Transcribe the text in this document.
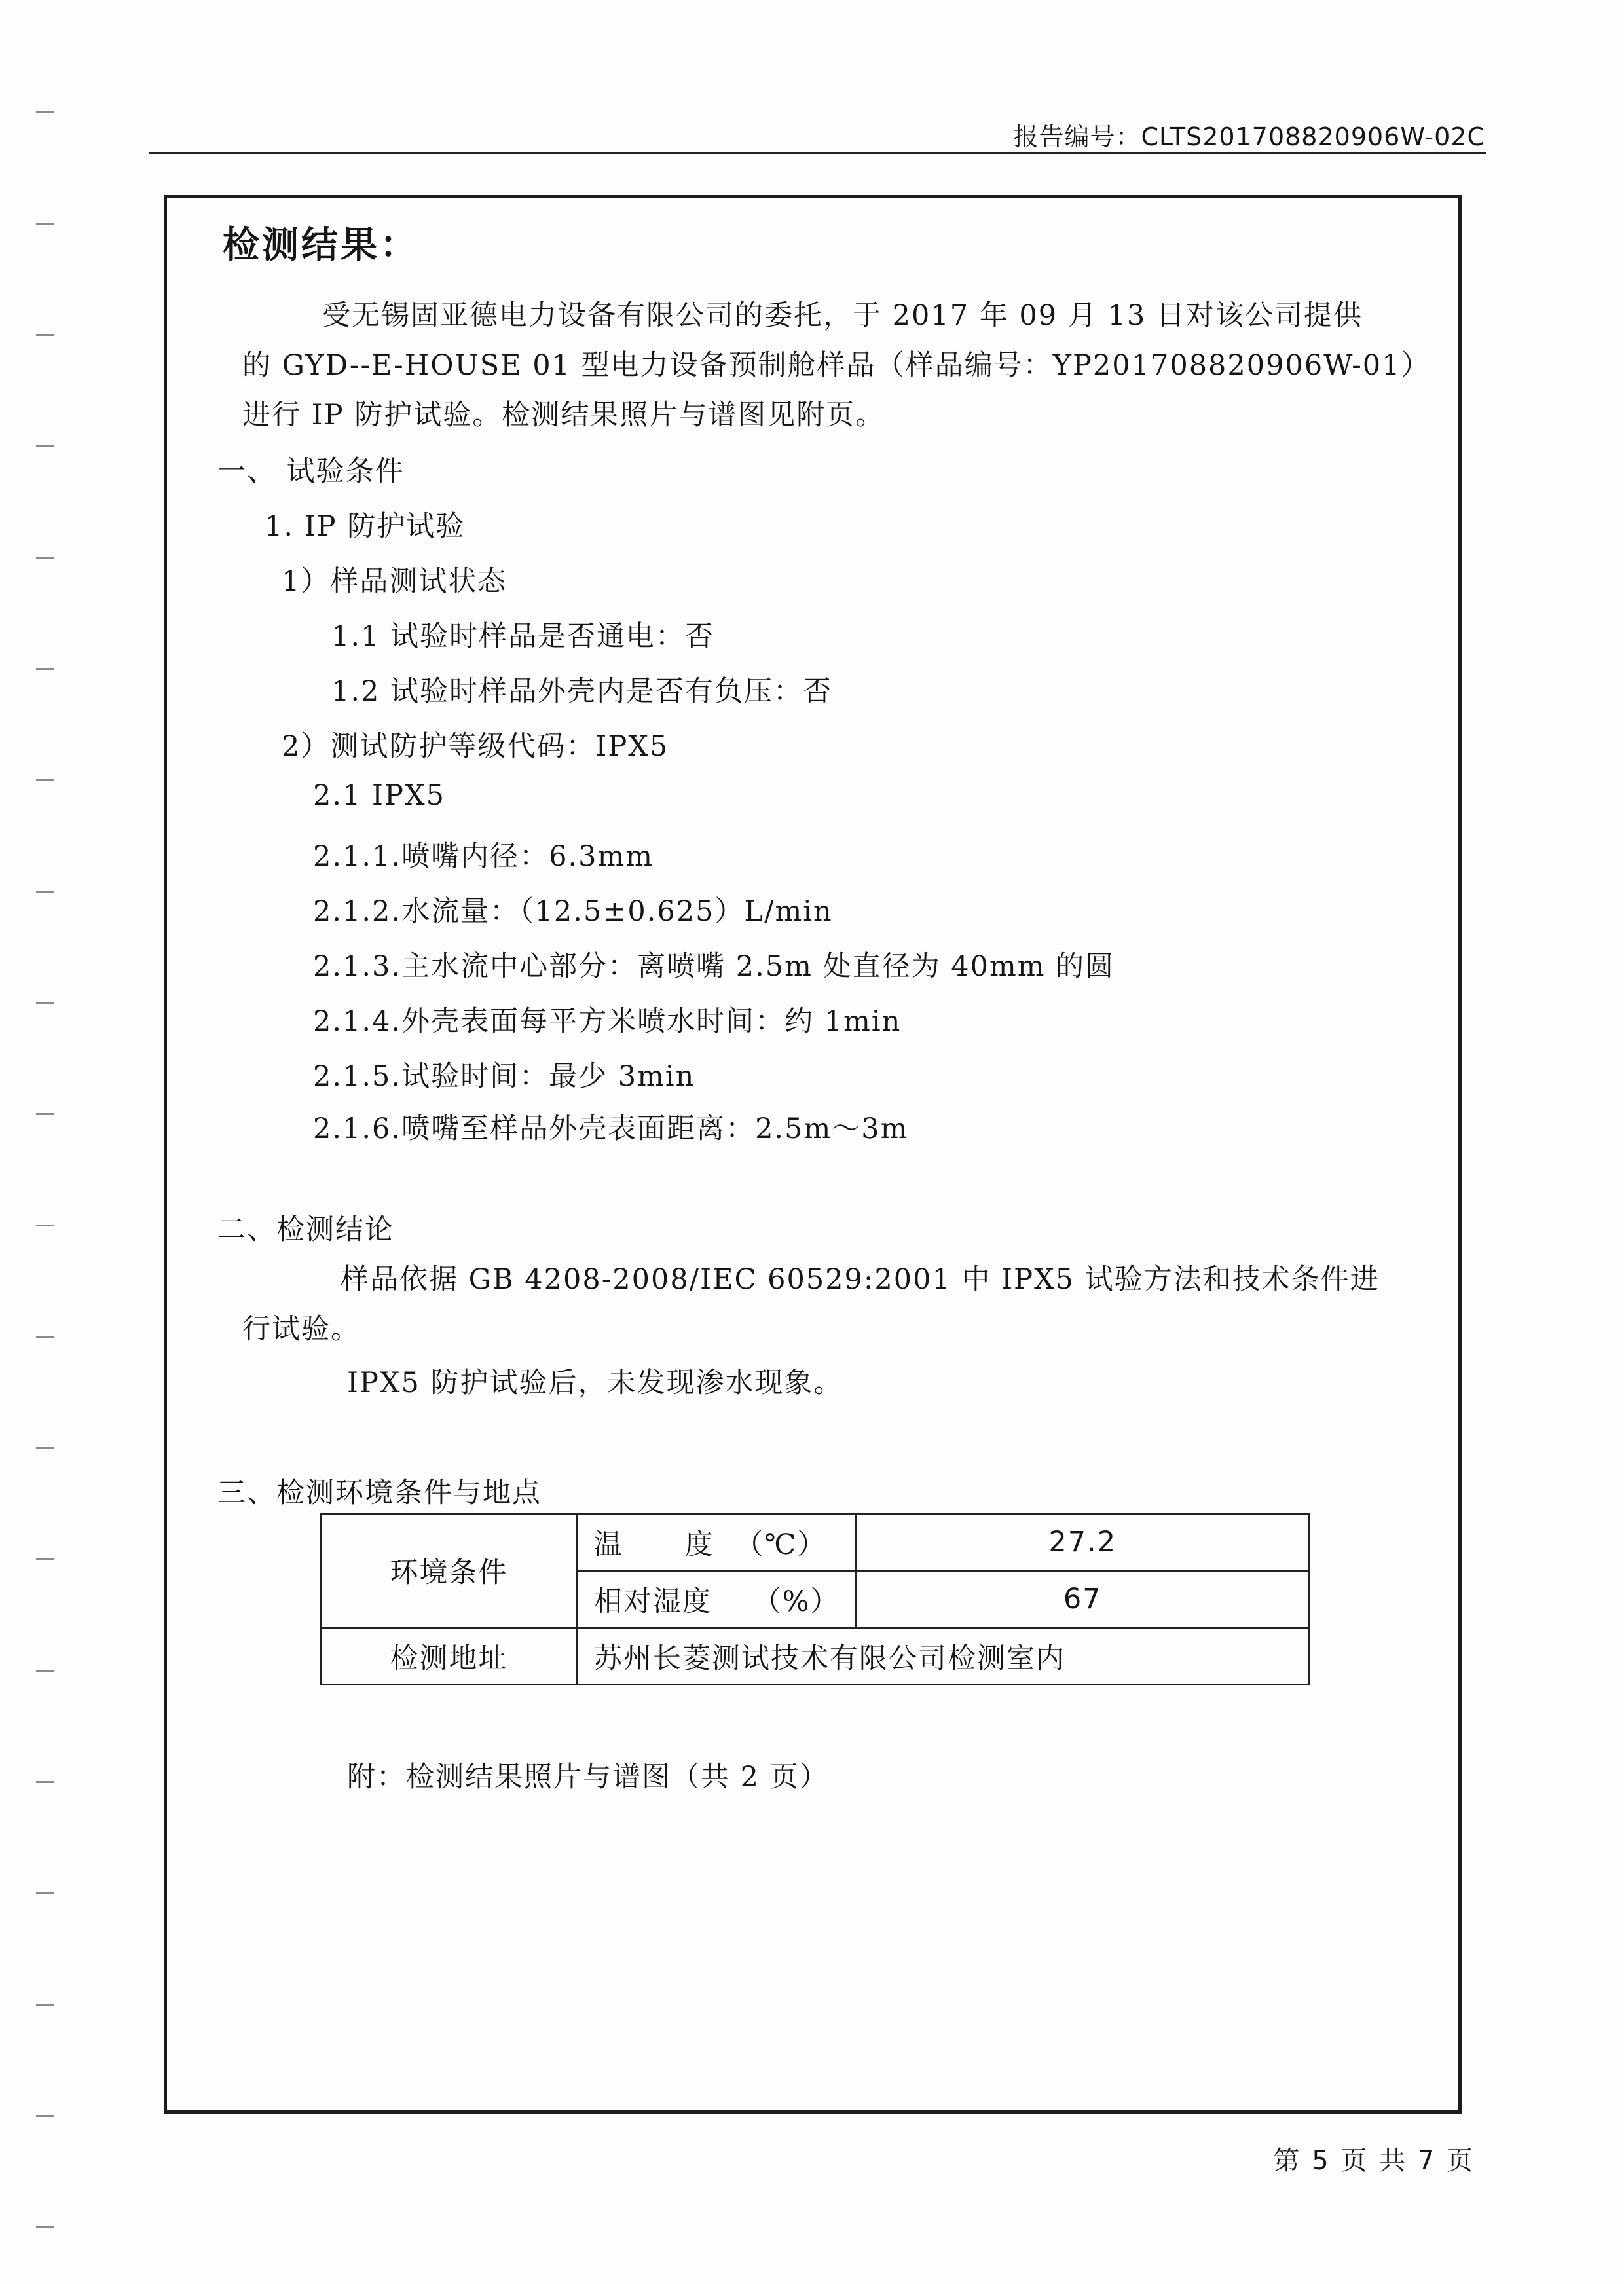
报告编号：CLTS201708820906W-02C
检测结果：
受无锡固亚德电力设备有限公司的委托，于 2017 年 09 月 13 日对该公司提供
的 GYD--E-HOUSE 01 型电力设备预制舱样品（样品编号：YP201708820906W-01）
进行 IP 防护试验。检测结果照片与谱图见附页。
一、 试验条件
1. IP 防护试验
1）样品测试状态
1.1 试验时样品是否通电：否
1.2 试验时样品外壳内是否有负压：否
2）测试防护等级代码：IPX5
2.1 IPX5
2.1.1.喷嘴内径：6.3mm
2.1.2.水流量：（12.5±0.625）L/min
2.1.3.主水流中心部分：离喷嘴 2.5m 处直径为 40mm 的圆
2.1.4.外壳表面每平方米喷水时间：约 1min
2.1.5.试验时间：最少 3min
2.1.6.喷嘴至样品外壳表面距离：2.5m～3m
二、检测结论
样品依据 GB 4208-2008/IEC 60529:2001 中 IPX5 试验方法和技术条件进
行试验。
IPX5 防护试验后，未发现渗水现象。
三、检测环境条件与地点
环境条件	温      度  （℃）	27.2
	相对湿度    （%）	67
检测地址	苏州长菱测试技术有限公司检测室内	
附：检测结果照片与谱图（共 2 页）
第 5 页 共 7 页
